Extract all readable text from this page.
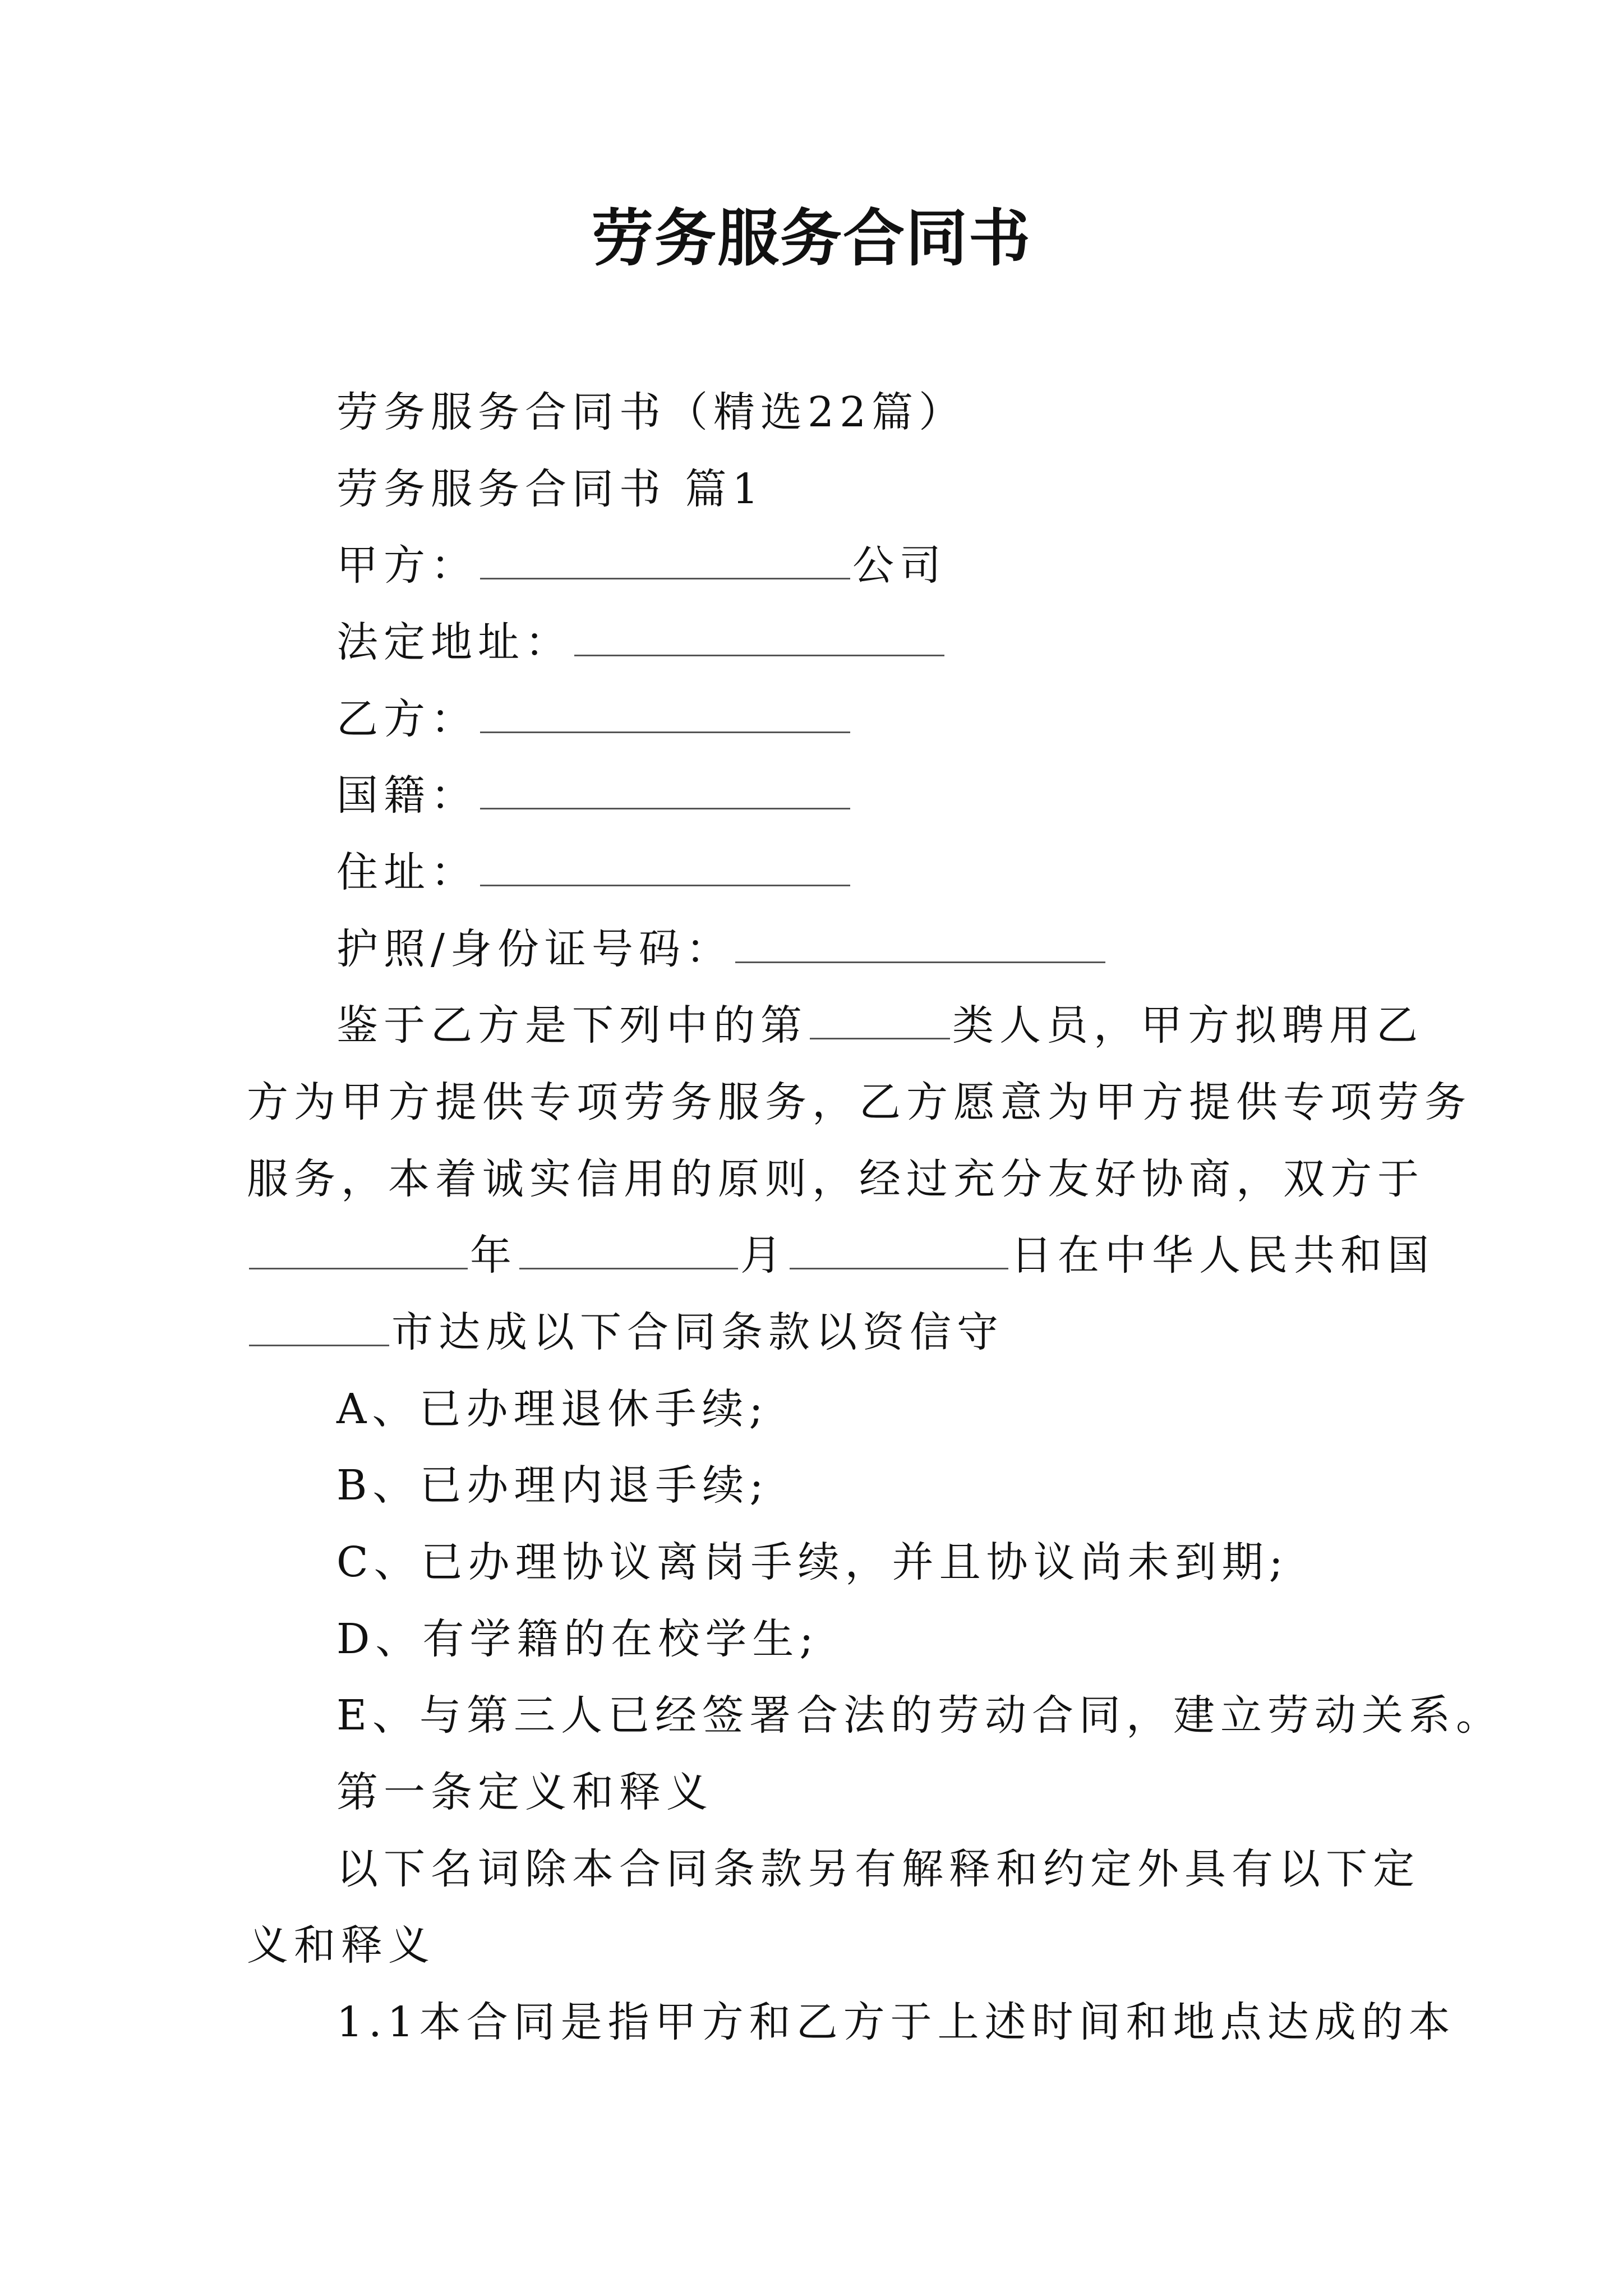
劳务服务合同书
劳务服务合同书（精选22篇）
劳务服务合同书 篇1
甲方：	公司
法定地址：
乙方：
国籍：
住址：
护照/身份证号码：
鉴于乙方是下列中的第	类人员，甲方拟聘用乙
方为甲方提供专项劳务服务，乙方愿意为甲方提供专项劳务
服务，本着诚实信用的原则，经过充分友好协商，双方于
年	月	日在中华人民共和国
市达成以下合同条款以资信守
A、已办理退休手续;
B、已办理内退手续;
C、已办理协议离岗手续，并且协议尚未到期;
D、有学籍的在校学生;
E、与第三人已经签署合法的劳动合同，建立劳动关系。
第一条定义和释义
以下名词除本合同条款另有解释和约定外具有以下定
义和释义
1.1本合同是指甲方和乙方于上述时间和地点达成的本
